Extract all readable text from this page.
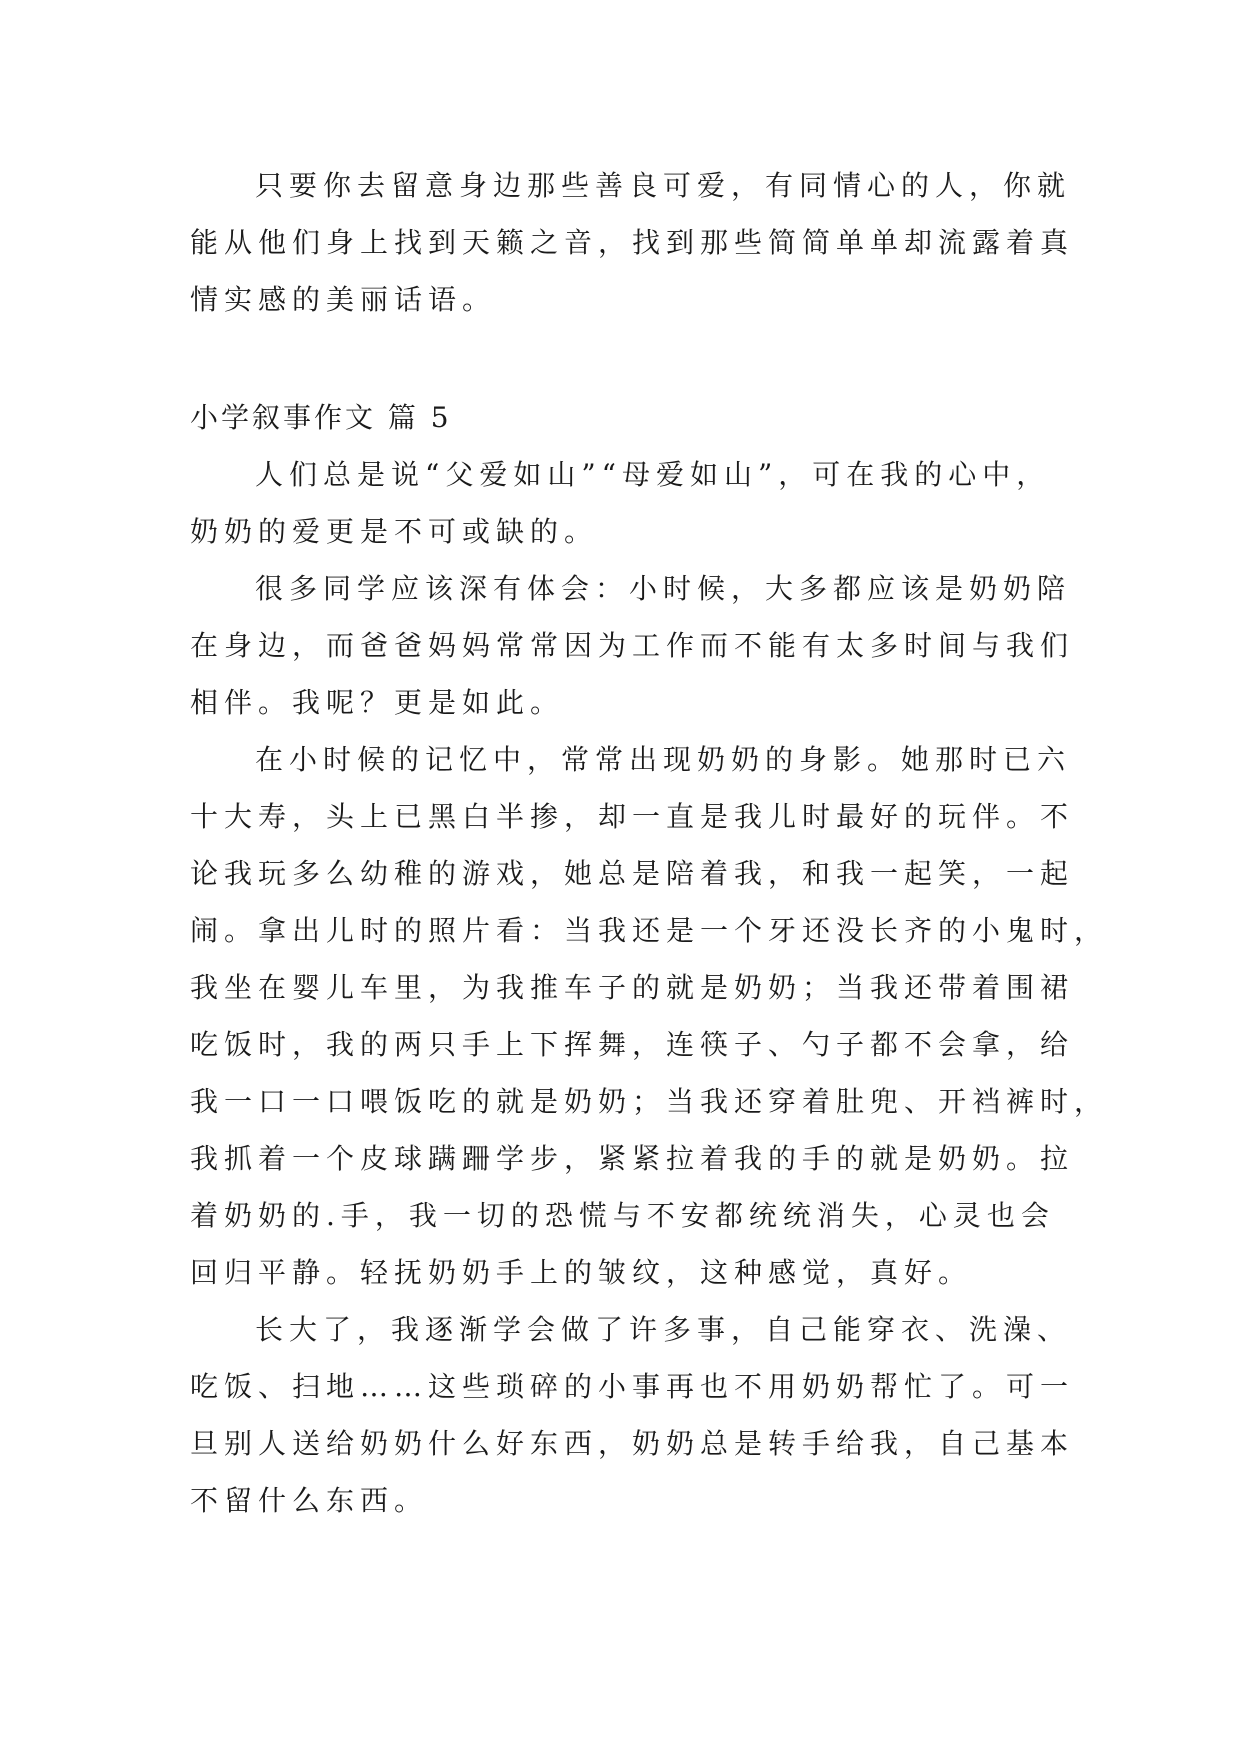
只要你去留意身边那些善良可爱，有同情心的人，你就
能从他们身上找到天籁之音，找到那些简简单单却流露着真
情实感的美丽话语。
小学叙事作文 篇 5
人们总是说“父爱如山”“母爱如山”，可在我的心中，
奶奶的爱更是不可或缺的。
很多同学应该深有体会：小时候，大多都应该是奶奶陪
在身边，而爸爸妈妈常常因为工作而不能有太多时间与我们
相伴。我呢？更是如此。
在小时候的记忆中，常常出现奶奶的身影。她那时已六
十大寿，头上已黑白半掺，却一直是我儿时最好的玩伴。不
论我玩多么幼稚的游戏，她总是陪着我，和我一起笑，一起
闹。拿出儿时的照片看：当我还是一个牙还没长齐的小鬼时，
我坐在婴儿车里，为我推车子的就是奶奶；当我还带着围裙
吃饭时，我的两只手上下挥舞，连筷子、勺子都不会拿，给
我一口一口喂饭吃的就是奶奶；当我还穿着肚兜、开裆裤时，
我抓着一个皮球蹒跚学步，紧紧拉着我的手的就是奶奶。拉
着奶奶的.手，我一切的恐慌与不安都统统消失，心灵也会
回归平静。轻抚奶奶手上的皱纹，这种感觉，真好。
长大了，我逐渐学会做了许多事，自己能穿衣、洗澡、
吃饭、扫地……这些琐碎的小事再也不用奶奶帮忙了。可一
旦别人送给奶奶什么好东西，奶奶总是转手给我，自己基本
不留什么东西。
